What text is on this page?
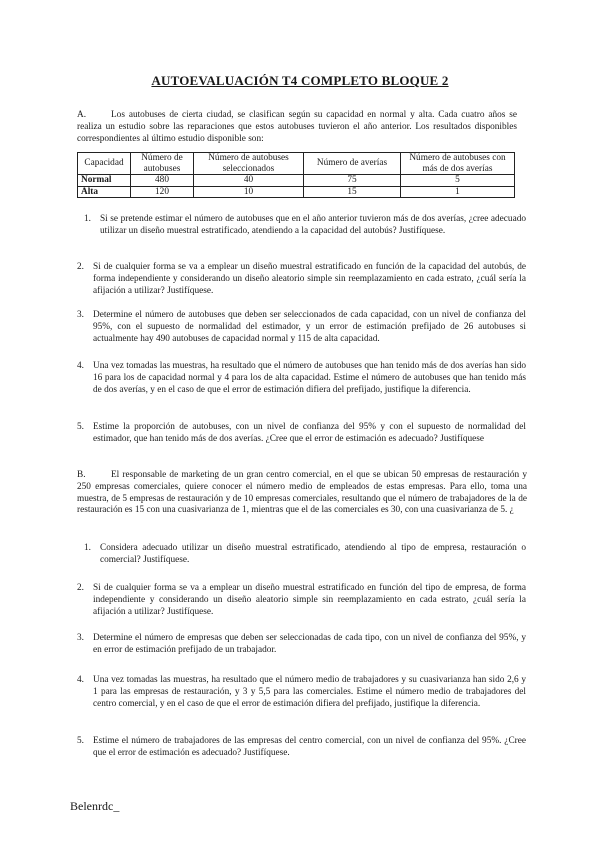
AUTOEVALUACIÓN T4 COMPLETO BLOQUE 2
A.	Los autobuses de cierta ciudad, se clasifican según su capacidad en normal y alta. Cada cuatro años se realiza un estudio sobre las reparaciones que estos autobuses tuvieron el año anterior. Los resultados disponibles correspondientes al último estudio disponible son:
Capacidad	Número de autobuses	Número de autobuses seleccionados	Número de averías	Número de autobuses con más de dos averías
Normal	480	40	75	5
Alta	120	10	15	1
1. Si se pretende estimar el número de autobuses que en el año anterior tuvieron más de dos averías, ¿cree adecuado utilizar un diseño muestral estratificado, atendiendo a la capacidad del autobús? Justifíquese.
2. Si de cualquier forma se va a emplear un diseño muestral estratificado en función de la capacidad del autobús, de forma independiente y considerando un diseño aleatorio simple sin reemplazamiento en cada estrato, ¿cuál sería la afijación a utilizar? Justifíquese.
3. Determine el número de autobuses que deben ser seleccionados de cada capacidad, con un nivel de confianza del 95%, con el supuesto de normalidad del estimador, y un error de estimación prefijado de 26 autobuses si actualmente hay 490 autobuses de capacidad normal y 115 de alta capacidad.
4. Una vez tomadas las muestras, ha resultado que el número de autobuses que han tenido más de dos averías han sido 16 para los de capacidad normal y 4 para los de alta capacidad. Estime el número de autobuses que han tenido más de dos averías, y en el caso de que el error de estimación difiera del prefijado, justifique la diferencia.
5. Estime la proporción de autobuses, con un nivel de confianza del 95% y con el supuesto de normalidad del estimador, que han tenido más de dos averías. ¿Cree que el error de estimación es adecuado? Justifíquese
B.	El responsable de marketing de un gran centro comercial, en el que se ubican 50 empresas de restauración y 250 empresas comerciales, quiere conocer el número medio de empleados de estas empresas. Para ello, toma una muestra, de 5 empresas de restauración y de 10 empresas comerciales, resultando que el número de trabajadores de la de restauración es 15 con una cuasivarianza de 1, mientras que el de las comerciales es 30, con una cuasivarianza de 5. ¿
1. Considera adecuado utilizar un diseño muestral estratificado, atendiendo al tipo de empresa, restauración o comercial? Justifíquese.
2. Si de cualquier forma se va a emplear un diseño muestral estratificado en función del tipo de empresa, de forma independiente y considerando un diseño aleatorio simple sin reemplazamiento en cada estrato, ¿cuál sería la afijación a utilizar? Justifíquese.
3. Determine el número de empresas que deben ser seleccionadas de cada tipo, con un nivel de confianza del 95%, y en error de estimación prefijado de un trabajador.
4. Una vez tomadas las muestras, ha resultado que el número medio de trabajadores y su cuasivarianza han sido 2,6 y 1 para las empresas de restauración, y 3 y 5,5 para las comerciales. Estime el número medio de trabajadores del centro comercial, y en el caso de que el error de estimación difiera del prefijado, justifique la diferencia.
5. Estime el número de trabajadores de las empresas del centro comercial, con un nivel de confianza del 95%. ¿Cree que el error de estimación es adecuado? Justifíquese.
Belenrdc_
